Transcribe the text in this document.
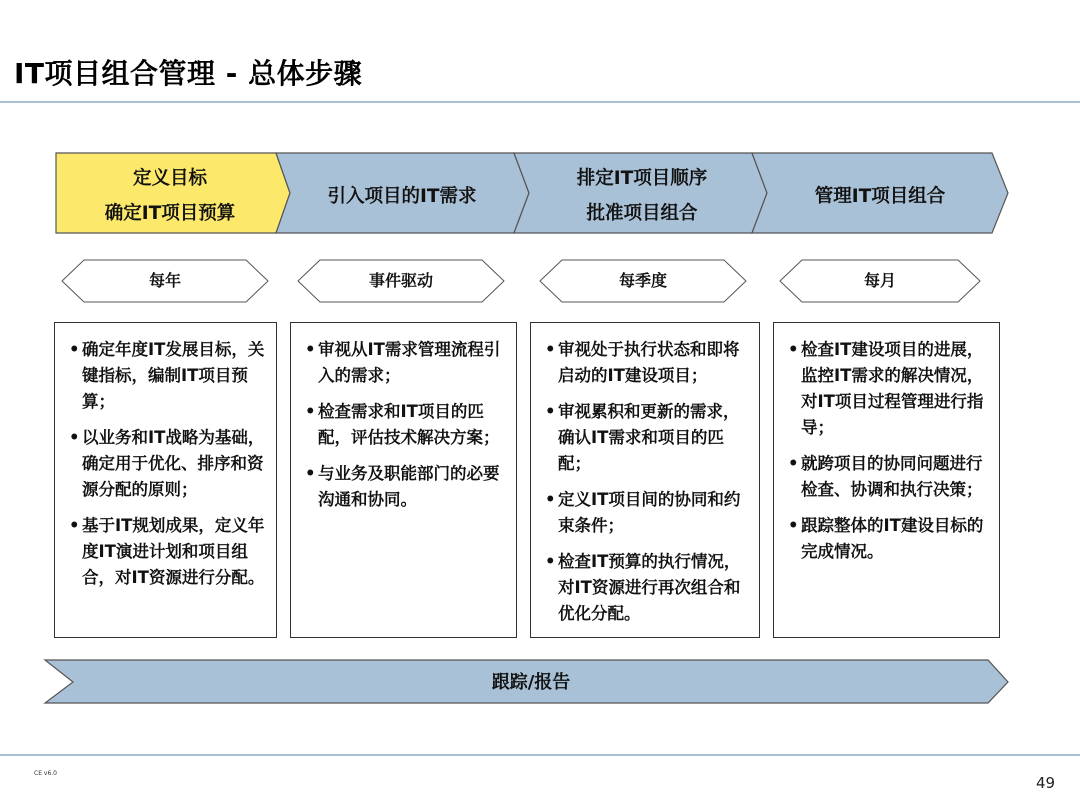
IT项目组合管理 - 总体步骤
定义目标
确定IT项目预算
引入项目的IT需求
排定IT项目顺序
批准项目组合
管理IT项目组合
每年	事件驱动	每季度	每月
跟踪/报告
• 确定年度IT发展目标，关键指标，编制IT项目预算；
• 以业务和IT战略为基础，确定用于优化、排序和资源分配的原则；
• 基于IT规划成果，定义年度IT演进计划和项目组合，对IT资源进行分配。
• 审视从IT需求管理流程引入的需求；
• 检查需求和IT项目的匹配，评估技术解决方案；
• 与业务及职能部门的必要沟通和协同。
• 审视处于执行状态和即将启动的IT建设项目；
• 审视累积和更新的需求，确认IT需求和项目的匹配；
• 定义IT项目间的协同和约束条件；
• 检查IT预算的执行情况，对IT资源进行再次组合和优化分配。
• 检查IT建设项目的进展，监控IT需求的解决情况，对IT项目过程管理进行指导；
• 就跨项目的协同问题进行检查、协调和执行决策；
• 跟踪整体的IT建设目标的完成情况。
CE v6.0
49
